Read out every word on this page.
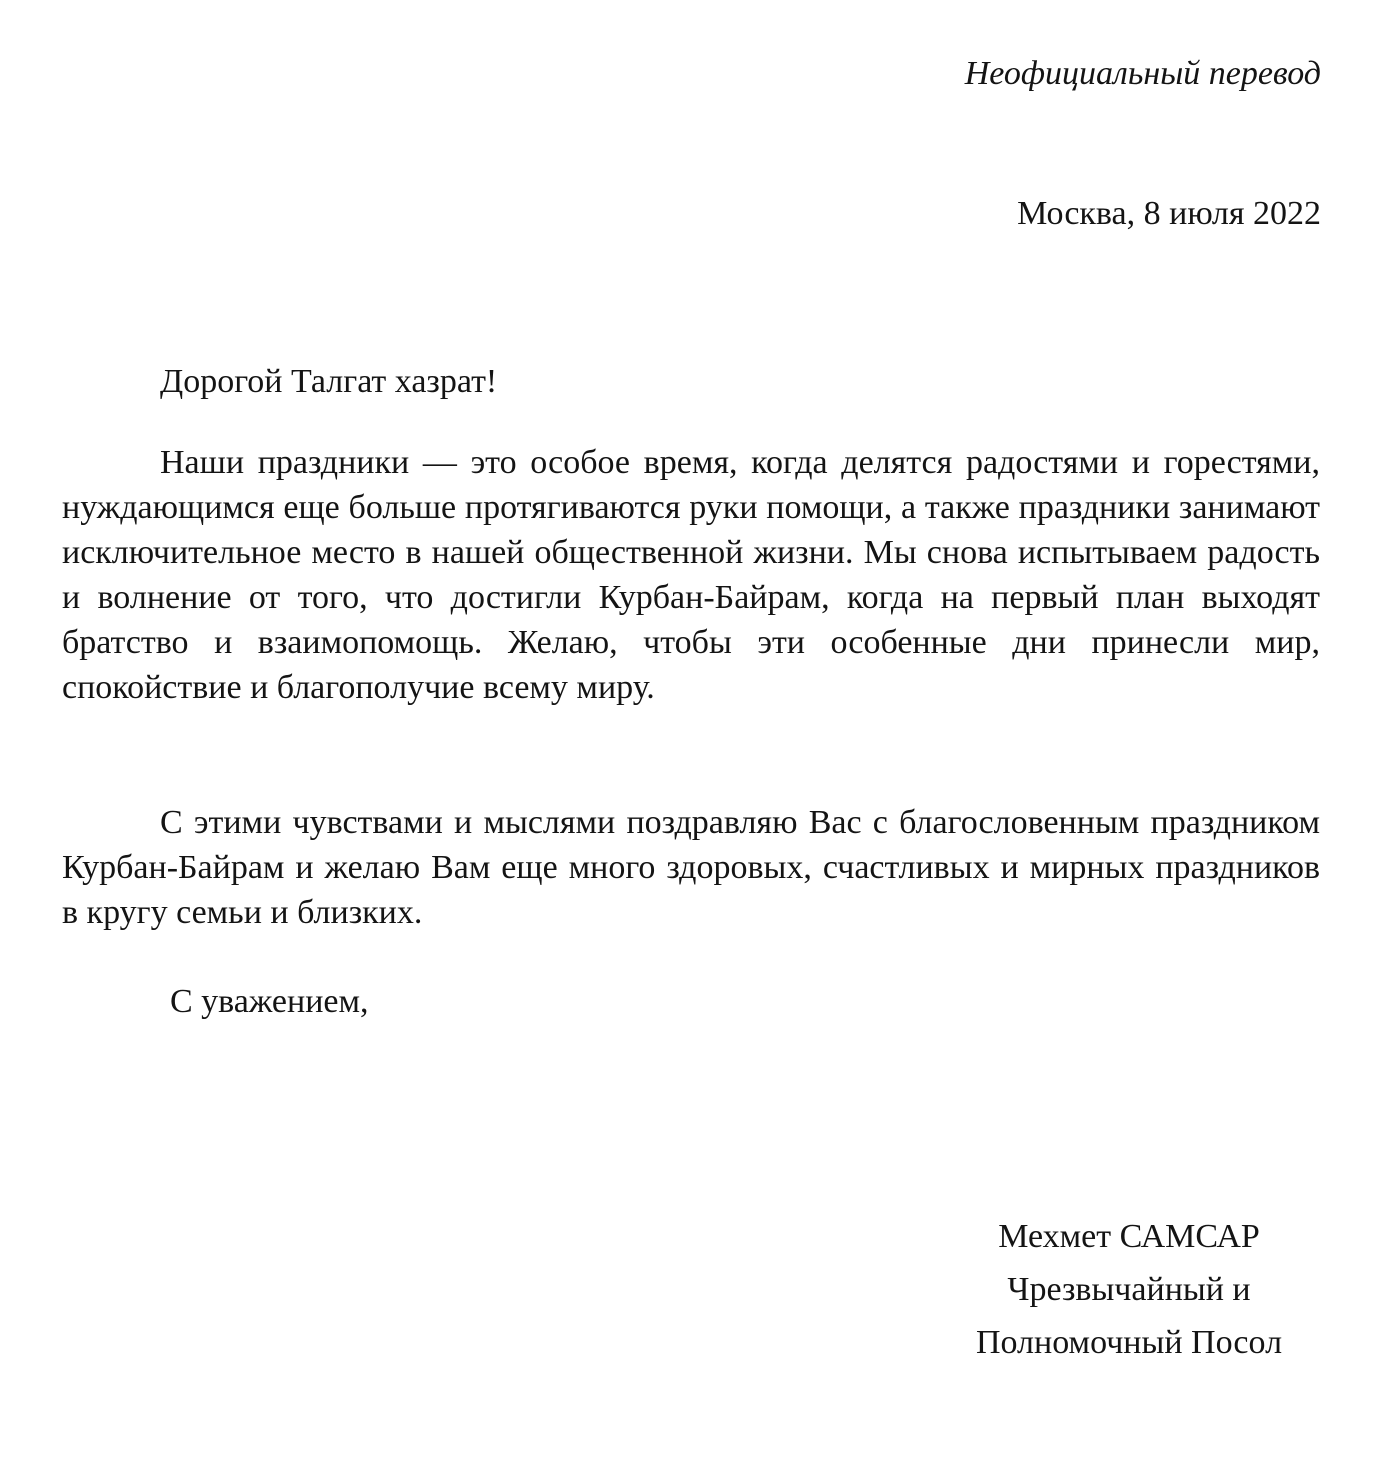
Неофициальный перевод
Москва, 8 июля 2022
Дорогой Талгат хазрат!

Наши праздники — это особое время, когда делятся радостями и горестями, нуждающимся еще больше протягиваются руки помощи, а также праздники занимают исключительное место в нашей общественной жизни. Мы снова испытываем радость и волнение от того, что достигли Курбан-Байрам, когда на первый план выходят братство и взаимопомощь. Желаю, чтобы эти особенные дни принесли мир, спокойствие и благополучие всему миру.

С этими чувствами и мыслями поздравляю Вас с благословенным праздником Курбан-Байрам и желаю Вам еще много здоровых, счастливых и мирных праздников в кругу семьи и близких.

С уважением,
Мехмет САМСАР
Чрезвычайный и
Полномочный Посол
